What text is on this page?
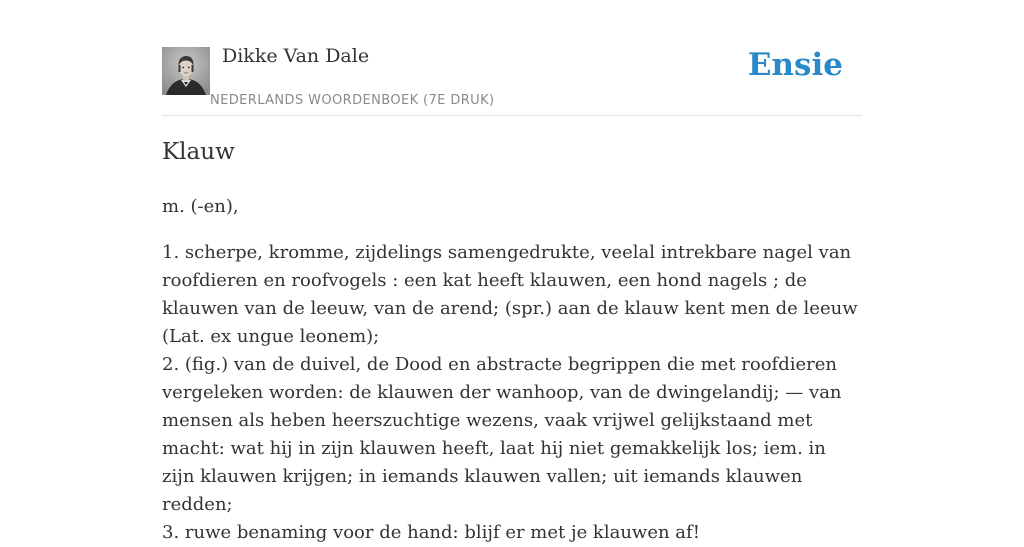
Dikke Van Dale
NEDERLANDS WOORDENBOEK (7E DRUK)
Ensie
Klauw

m. (-en),

1. scherpe, kromme, zijdelings samengedrukte, veelal intrekbare nagel van roofdieren en roofvogels : een kat heeft klauwen, een hond nagels ; de klauwen van de leeuw, van de arend; (spr.) aan de klauw kent men de leeuw (Lat. ex ungue leonem);
2. (fig.) van de duivel, de Dood en abstracte begrippen die met roofdieren vergeleken worden: de klauwen der wanhoop, van de dwingelandij; — van mensen als heben heerszuchtige wezens, vaak vrijwel gelijkstaand met macht: wat hij in zijn klauwen heeft, laat hij niet gemakkelijk los; iem. in zijn klauwen krijgen; in iemands klauwen vallen; uit iemands klauwen redden;
3. ruwe benaming voor de hand: blijf er met je klauwen af!
